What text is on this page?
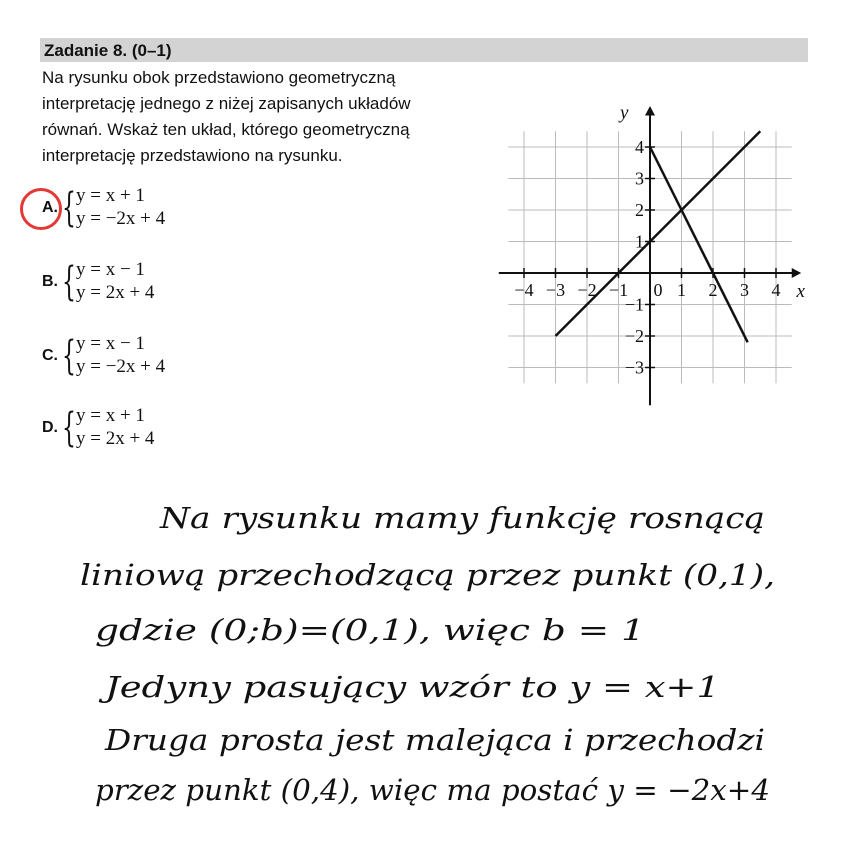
Zadanie 8. (0–1)
Na rysunku obok przedstawiono geometryczną
interpretację jednego z niżej zapisanych układów
równań. Wskaż ten układ, którego geometryczną
interpretację przedstawiono na rysunku.
A. { y = x + 1
y = −2x + 4
B. { y = x − 1
y = 2x + 4
C. { y = x − 1
y = −2x + 4
D. { y = x + 1
y = 2x + 4
−4 −3 −2 −1 0 1 2 3 4
4
3
2
1
−1
−2
−3
x
y
Na rysunku mamy funkcję rosnącą
liniową przechodzącą przez punkt (0,1),
gdzie (0;b)=(0,1), więc b = 1
Jedyny pasujący wzór to y = x+1
Druga prosta jest malejąca i przechodzi
przez punkt (0,4), więc ma postać y = −2x+4
